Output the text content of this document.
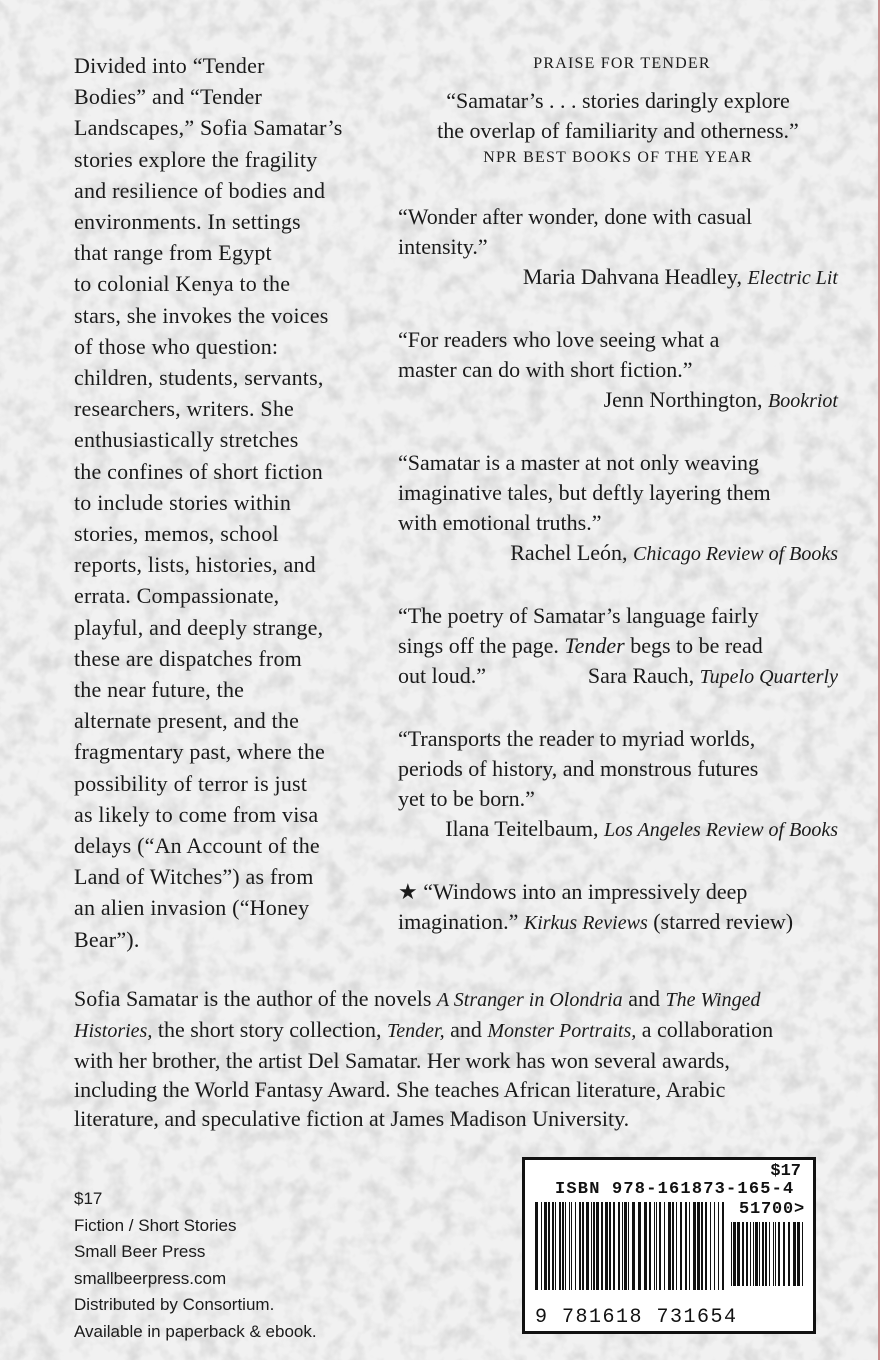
Divided into “Tender
Bodies” and “Tender
Landscapes,” Sofia Samatar’s
stories explore the fragility
and resilience of bodies and
environments. In settings
that range from Egypt
to colonial Kenya to the
stars, she invokes the voices
of those who question:
children, students, servants,
researchers, writers. She
enthusiastically stretches
the confines of short fiction
to include stories within
stories, memos, school
reports, lists, histories, and
errata. Compassionate,
playful, and deeply strange,
these are dispatches from
the near future, the
alternate present, and the
fragmentary past, where the
possibility of terror is just
as likely to come from visa
delays (“An Account of the
Land of Witches”) as from
an alien invasion (“Honey
Bear”).
PRAISE FOR TENDER
“Samatar’s . . . stories daringly explore
the overlap of familiarity and otherness.”
NPR BEST BOOKS OF THE YEAR
“Wonder after wonder, done with casual
intensity.”
Maria Dahvana Headley, Electric Lit
“For readers who love seeing what a
master can do with short fiction.”
Jenn Northington, Bookriot
“Samatar is a master at not only weaving
imaginative tales, but deftly layering them
with emotional truths.”
Rachel León, Chicago Review of Books
“The poetry of Samatar’s language fairly
sings off the page. Tender begs to be read
out loud.”	Sara Rauch, Tupelo Quarterly
“Transports the reader to myriad worlds,
periods of history, and monstrous futures
yet to be born.”
Ilana Teitelbaum, Los Angeles Review of Books
★ “Windows into an impressively deep
imagination.” Kirkus Reviews (starred review)
Sofia Samatar is the author of the novels A Stranger in Olondria and The Winged Histories, the short story collection, Tender, and Monster Portraits, a collaboration with her brother, the artist Del Samatar. Her work has won several awards, including the World Fantasy Award. She teaches African literature, Arabic literature, and speculative fiction at James Madison University.
$17
Fiction / Short Stories
Small Beer Press
smallbeerpress.com
Distributed by Consortium.
Available in paperback & ebook.
$17
ISBN 978-161873-165-4
51700>
9 781618 731654
